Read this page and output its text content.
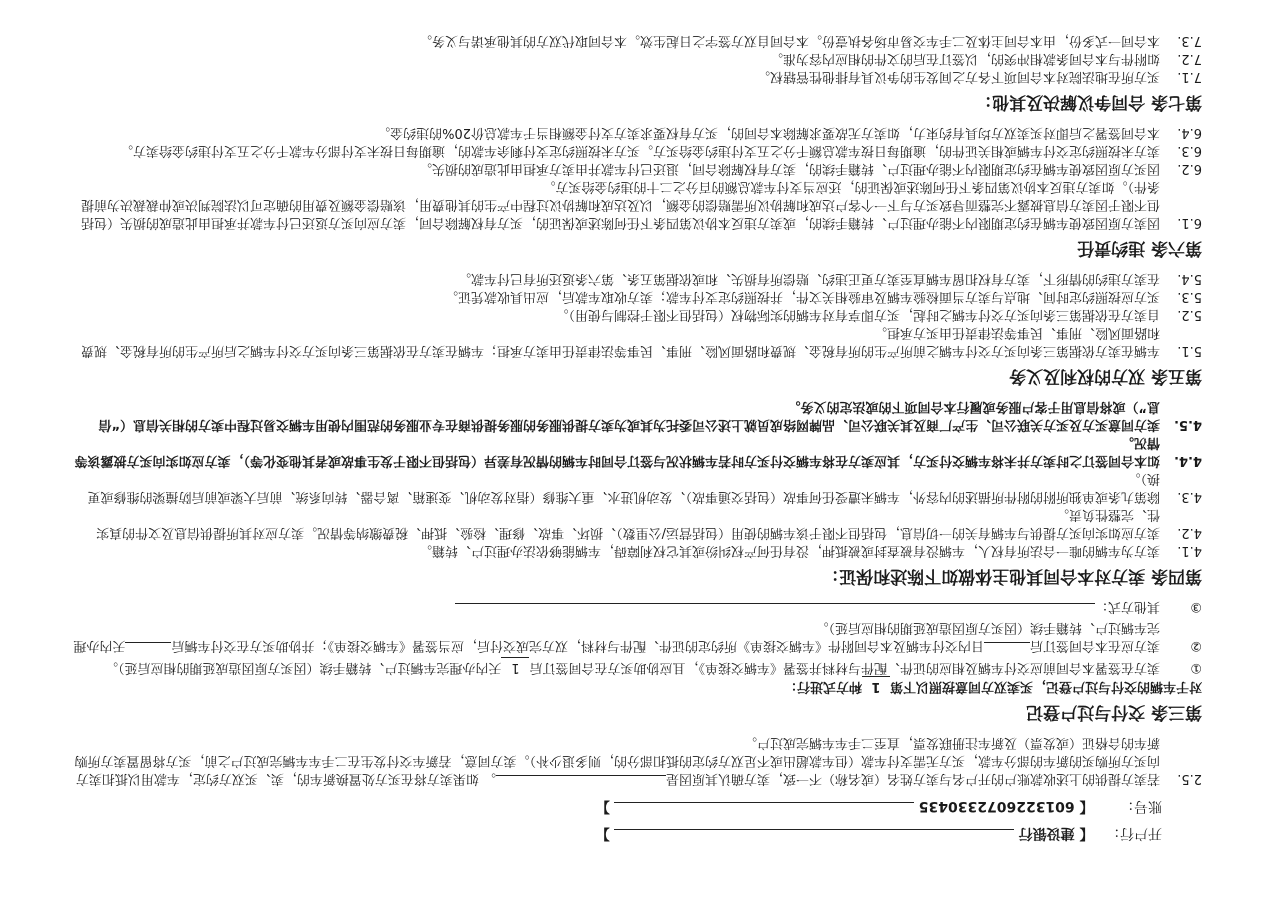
开户行： 【 建设银行  】
账号： 【 6013226072330435  】
2.5.
若卖方提供的上述收款账户的开户名与卖方姓名（或名称）不一致，卖方确认其原因是。 如果卖方将在买方处置换新车的，卖、买双方约定，车款用以抵扣卖方向买方所购买的新车的部分车款，买方无需支付车款（但车款超出或不足双方约定的抵扣部分的，则多退少补）。卖方同意，若新车交付发生在二手车车辆完成过户之前，买方将留置卖方所购新车的合格证（或发票）及新车注册联发票，直至二手车车辆完成过户。
第三条 交付与过户登记
对于车辆的交付与过户登记，买卖双方同意按照以下第1种方式进行：
①
卖方在签署本合同前应交付车辆及相应的证件、配件与材料并签署《车辆交接单》，且应协助买方在合同签订后1天内办理完车辆过户、转籍手续（因买方原因造成延期的相应后延）。
②
卖方应在本合同签订后日内交付车辆及本合同附件《车辆交接单》所约定的证件、配件与材料，双方完成交付后，应当签署《车辆交接单》；并协助买方在交付车辆后天内办理完车辆过户、转籍手续（因买方原因造成延期的相应后延）。
③
其他方式：
第四条 卖方对本合同其他主体做如下陈述和保证：
4.1.
卖方为车辆的唯一合法所有权人，车辆没有被查封或被抵押，没有任何产权纠纷或其它权利障碍，车辆能够依法办理过户、转籍。
4.2.
卖方应如实向买方提供与车辆有关的一切信息，包括但不限于该车辆的使用（包括营运/公里数）、损坏、事故、修理、检验、抵押、税费缴纳等情况。卖方应对其所提供信息及文件的真实性、完整性负责。
4.3.
除第九条或单独所附的附件所描述的内容外，车辆未遭受任何事故（包括交通事故）、发动机进水、重大维修（指对发动机、变速箱、离合器、转向系统、前后大梁或前后防撞梁的维修或更换）。
4.4.
如本合同签订之时卖方并未将车辆交付买方，其应卖方在将车辆交付买方时若车辆状况与签订合同时车辆的情况有差异（包括但不限于发生事故或者其他变化等），卖方应如实向买方披露该等情况。
4.5.
卖方同意买方及买方关联公司、生产厂商及其关联公司、品牌网络成员就上述公司委托为其或为卖方提供服务的服务提供商在专业服务的范围内使用车辆交易过程中卖方的相关信息（“信息”）或将信息用于客户服务或履行本合同项下的或法定的义务。
第五条 双方的权利及义务
5.1.
车辆在卖方依据第三条向买方交付车辆之前所产生的所有税金、规费和路面风险、刑事、民事等法律责任由卖方承担；车辆在卖方在依据第三条向买方交付车辆之后所产生的所有税金、规费和路面风险、刑事、民事等法律责任由买方承担。
5.2.
自卖方在依据第三条向买方交付车辆之时起，买方即享有对车辆的实际物权（包括但不限于控制与使用）。
5.3.
买方应按照约定时间、地点与卖方当面检验车辆及审验相关文件，并按照约定支付车款；卖方收取车款后，应出具收款凭证。
5.4.
在卖方违约的情形下，卖方有权扣留车辆直至卖方更正违约、赔偿所有损失、和或依据第五条、第六条返还所有已付车款。
第六条 违约责任
6.1.
因卖方原因致使车辆在约定期限内不能办理过户、转籍手续的，或卖方违反本协议第四条下任何陈述或保证的，买方有权解除合同，卖方应向买方返还已付车款并承担由此造成的损失（包括但不限于因卖方信息披露不完整而导致买方与下一个客户达成和解协议所需赔偿的金额，以及达成和解协议过程中产生的其他费用，该赔偿金额及费用的确定可以法院判决或仲裁裁决为前提条件）。如卖方违反本协议第四条下任何陈述或保证的，还应当支付车款总额的百分之二十的违约金给买方。
6.2.
因买方原因致使车辆在约定期限内不能办理过户、转籍手续的，卖方有权解除合同，退还已付车款并由卖方承担由此造成的损失。
6.3.
卖方未按照约定交付车辆或相关证件的，逾期每日按车款总额千分之五支付违约金给买方。买方未按照约定支付剩余车款的，逾期每日按未支付部分车款千分之五支付违约金给卖方。
6.4.
本合同签署之后即对买卖双方均具有约束力，如卖方无故要求解除本合同的，买方有权要求卖方支付金额相当于车款总价20%的违约金。
第七条 合同争议解决及其他：
7.1.
买方所在地法院对本合同项下各方之间发生的争议具有排他性管辖权。
7.2.
如附件与本合同条款相冲突的，以签订在后的文件的相应内容为准。
7.3.
本合同一式多份，由本合同主体及二手车交易市场各执壹份。本合同自双方签字之日起生效。本合同取代双方的其他承诺与义务。
